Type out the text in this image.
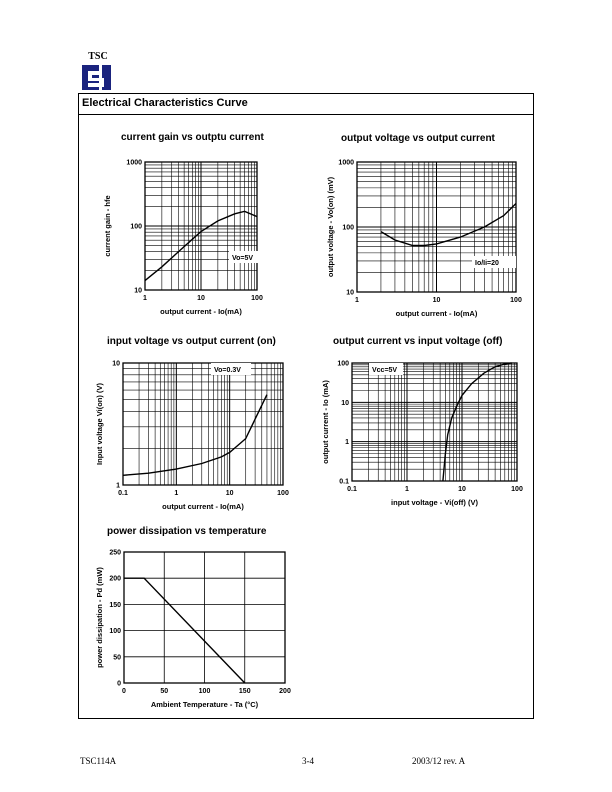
TSC
Electrical Characteristics Curve
current gain vs outptu current
Vo=5V
1	10	100
10
100
1000
output current - Io(mA)
current gain - hfe
output voltage vs output current
Io/Ii=20
1	10	100
10
100
1000
output current - Io(mA)
output voltage - Vo(on) (mV)
input voltage vs output current (on)
Vo=0.3V
0.1	1	10	100
1
10
output current - Io(mA)
Input voltage Vi(on) (V)
output current vs input voltage (off)
Vcc=5V
0.1	1	10	100
0.1
1
10
100
input voltage - Vi(off) (V)
output current - Io (mA)
power dissipation vs temperature
0	50	100	150	200
0
50
100
150
200
250
Ambient Temperature - Ta (°C)
power dissipation - Pd (mW)
TSC114A	3-4	2003/12 rev. A
